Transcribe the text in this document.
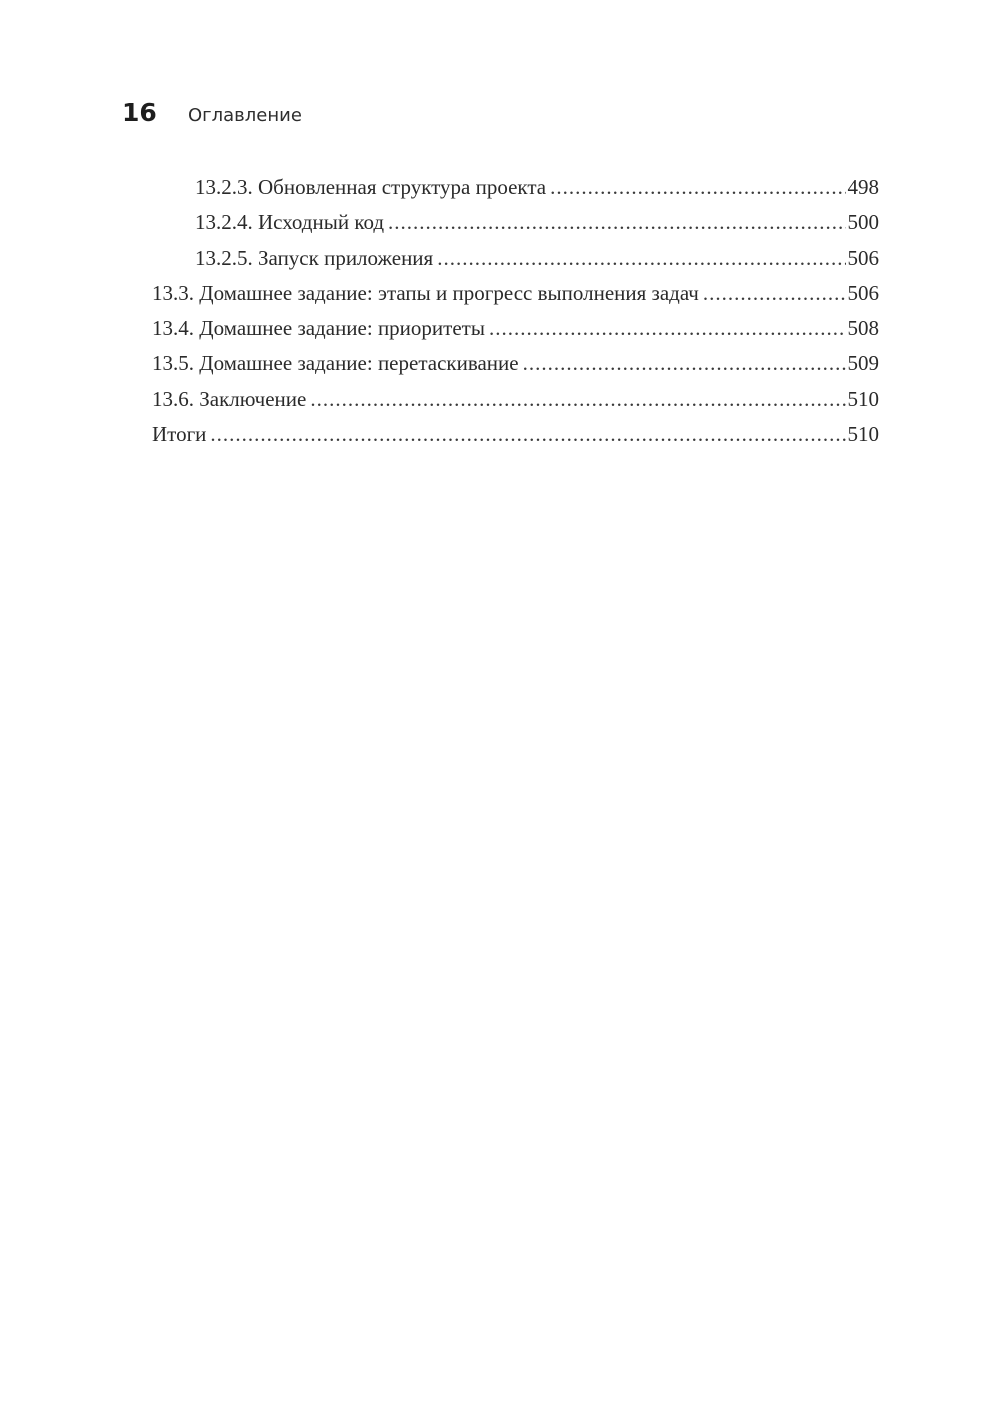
16	Оглавление
13.2.3. Обновленная структура проекта .....	498
13.2.4. Исходный код .....	500
13.2.5. Запуск приложения .....	506
13.3. Домашнее задание: этапы и прогресс выполнения задач .....	506
13.4. Домашнее задание: приоритеты .....	508
13.5. Домашнее задание: перетаскивание .....	509
13.6. Заключение .....	510
Итоги .....	510
